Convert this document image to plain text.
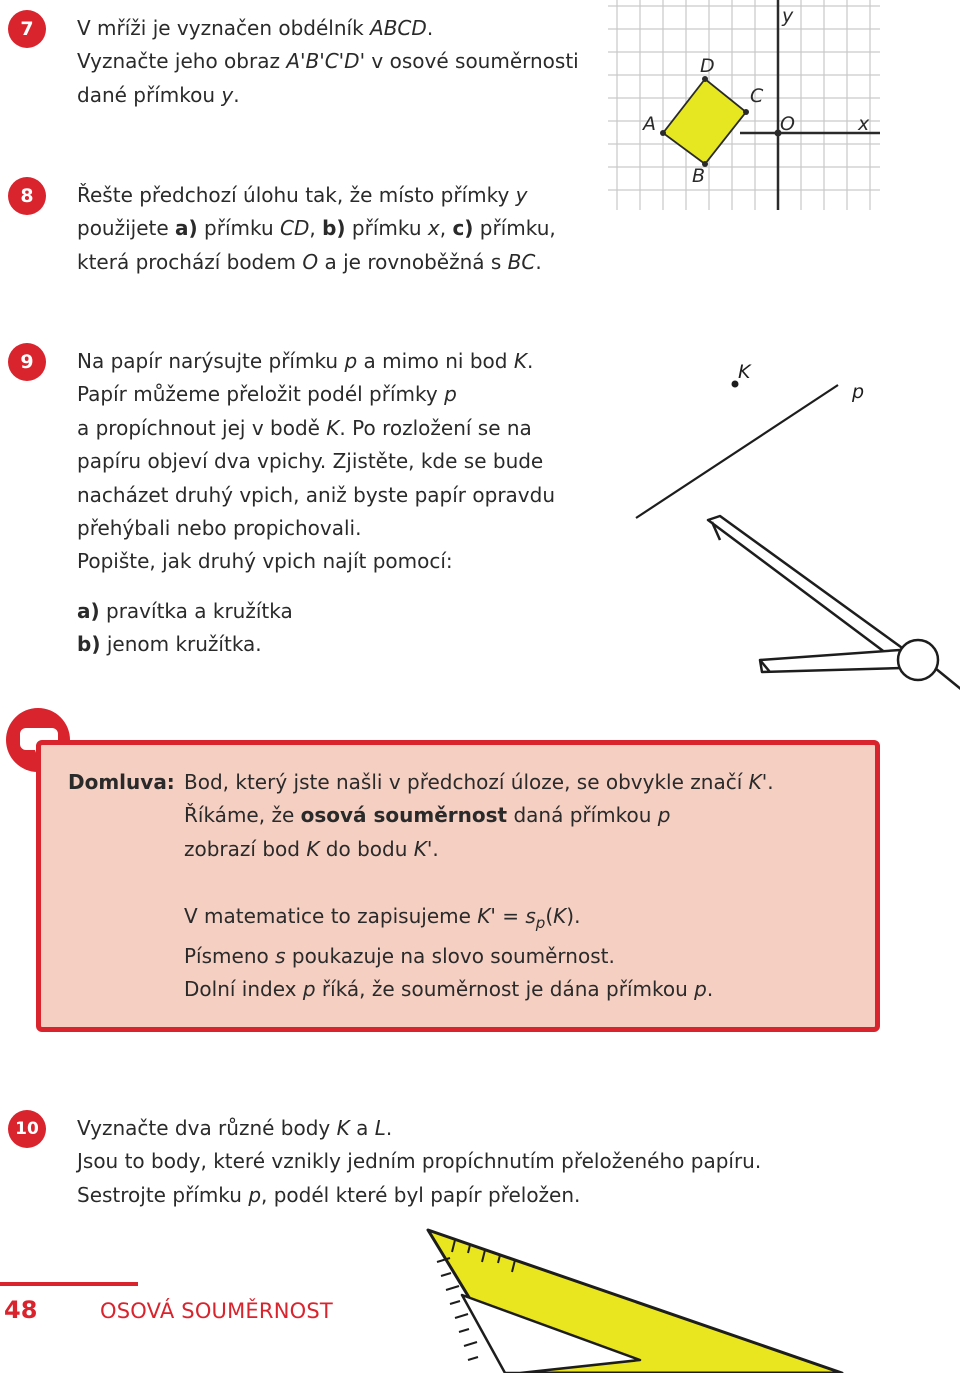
7	V mříži je vyznačen obdélník ABCD.
Vyznačte jeho obraz A'B'C'D' v osové souměrnosti
dané přímkou y.
A
D
C
B
O	x
y
8	Řešte předchozí úlohu tak, že místo přímky y
použijete a) přímku CD, b) přímku x, c) přímku,
která prochází bodem O a je rovnoběžná s BC.
9	Na papír narýsujte přímku p a mimo ni bod K.
Papír můžeme přeložit podél přímky p
a propíchnout jej v bodě K. Po rozložení se na
papíru objeví dva vpichy. Zjistěte, kde se bude
nacházet druhý vpich, aniž byste papír opravdu
přehýbali nebo propichovali.
Popište, jak druhý vpich najít pomocí:
a) pravítka a kružítka
b) jenom kružítka.
K
p
Domluva: Bod, který jste našli v předchozí úloze, se obvykle značí K'.
Říkáme, že osová souměrnost daná přímkou p
zobrazí bod K do bodu K'.

V matematice to zapisujeme $K' = s_p(K)$.
Písmeno s poukazuje na slovo souměrnost.
Dolní index p říká, že souměrnost je dána přímkou p.
10	Vyznačte dva různé body K a L.
Jsou to body, které vznikly jedním propíchnutím přeloženého papíru.
Sestrojte přímku p, podél které byl papír přeložen.
48	OSOVÁ SOUMĚRNOST
